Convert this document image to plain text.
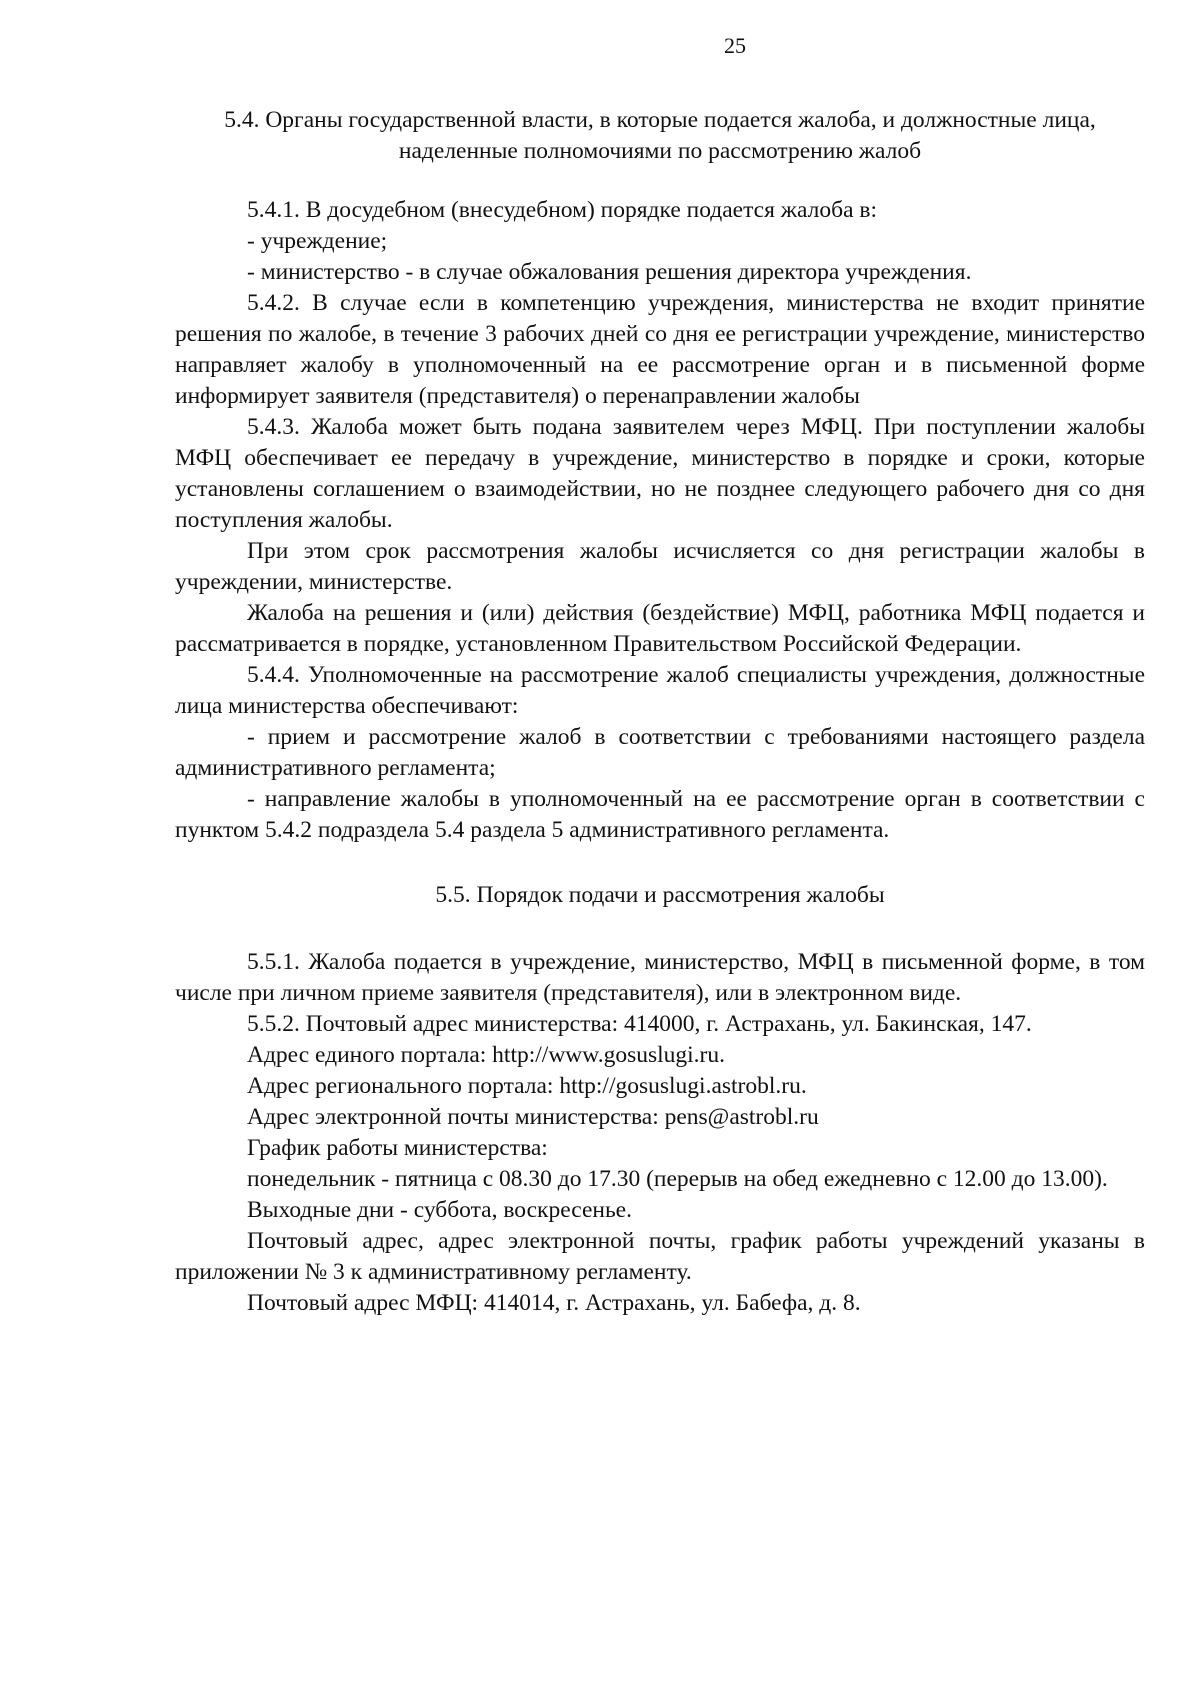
25
5.4. Органы государственной власти, в которые подается жалоба, и должностные лица, наделенные полномочиями по рассмотрению жалоб

5.4.1. В досудебном (внесудебном) порядке подается жалоба в:

- учреждение;

- министерство - в случае обжалования решения директора учреждения.

5.4.2. В случае если в компетенцию учреждения, министерства не входит принятие решения по жалобе, в течение 3 рабочих дней со дня ее регистрации учреждение, министерство направляет жалобу в уполномоченный на ее рассмотрение орган и в письменной форме информирует заявителя (представителя) о перенаправлении жалобы

5.4.3. Жалоба может быть подана заявителем через МФЦ. При поступлении жалобы МФЦ обеспечивает ее передачу в учреждение, министерство в порядке и сроки, которые установлены соглашением о взаимодействии, но не позднее следующего рабочего дня со дня поступления жалобы.

При этом срок рассмотрения жалобы исчисляется со дня регистрации жалобы в учреждении, министерстве.

Жалоба на решения и (или) действия (бездействие) МФЦ, работника МФЦ подается и рассматривается в порядке, установленном Правительством Российской Федерации.

5.4.4. Уполномоченные на рассмотрение жалоб специалисты учреждения, должностные лица министерства обеспечивают:

- прием и рассмотрение жалоб в соответствии с требованиями настоящего раздела административного регламента;

- направление жалобы в уполномоченный на ее рассмотрение орган в соответствии с пунктом 5.4.2 подраздела 5.4 раздела 5 административного регламента.

5.5. Порядок подачи и рассмотрения жалобы

5.5.1. Жалоба подается в учреждение, министерство, МФЦ в письменной форме, в том числе при личном приеме заявителя (представителя), или в электронном виде.

5.5.2. Почтовый адрес министерства: 414000, г. Астрахань, ул. Бакинская, 147.

Адрес единого портала: http://www.gosuslugi.ru.

Адрес регионального портала: http://gosuslugi.astrobl.ru.

Адрес электронной почты министерства: pens@astrobl.ru

График работы министерства:

понедельник - пятница с 08.30 до 17.30 (перерыв на обед ежедневно с 12.00 до 13.00).

Выходные дни - суббота, воскресенье.

Почтовый адрес, адрес электронной почты, график работы учреждений указаны в приложении № 3 к административному регламенту.

Почтовый адрес МФЦ: 414014, г. Астрахань, ул. Бабефа, д. 8.
